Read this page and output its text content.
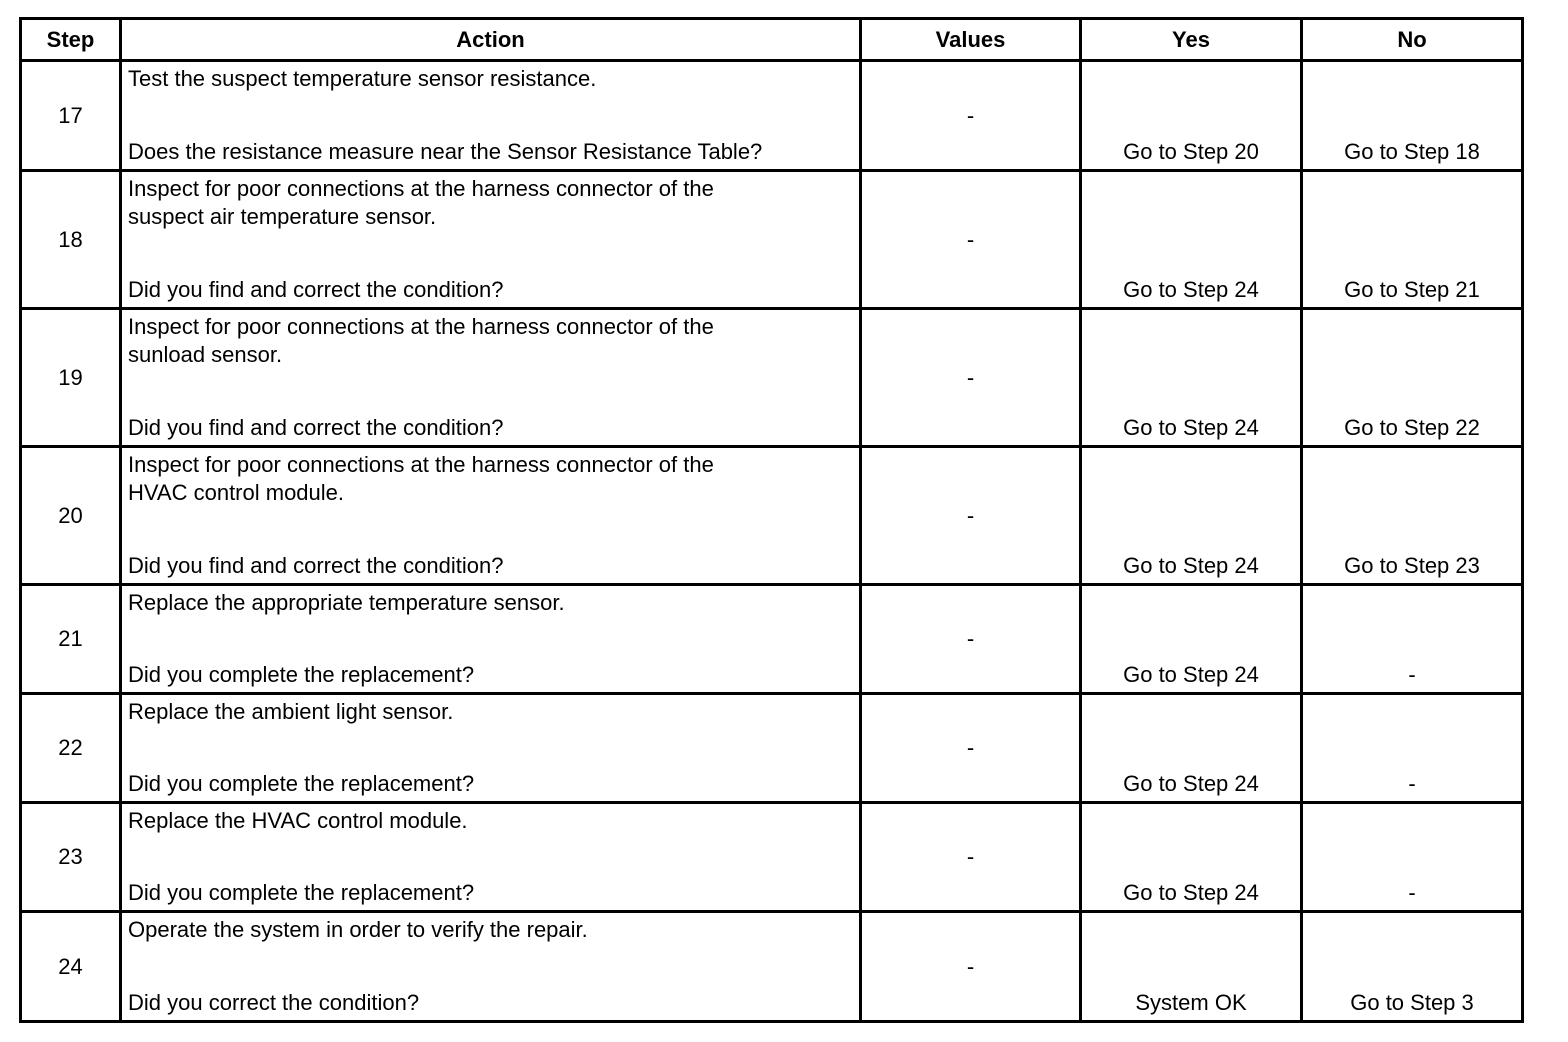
Step	Action	Values	Yes	No
17	Test the suspect temperature sensor resistance.
Does the resistance measure near the Sensor Resistance Table?	-	Go to Step 20	Go to Step 18

18	Inspect for poor connections at the harness connector of the
suspect air temperature sensor.
Did you find and correct the condition?	-	Go to Step 24	Go to Step 21

19	Inspect for poor connections at the harness connector of the
sunload sensor.
Did you find and correct the condition?	-	Go to Step 24	Go to Step 22

20	Inspect for poor connections at the harness connector of the
HVAC control module.
Did you find and correct the condition?	-	Go to Step 24	Go to Step 23

21	Replace the appropriate temperature sensor.
Did you complete the replacement?	-	Go to Step 24	-

22	Replace the ambient light sensor.
Did you complete the replacement?	-	Go to Step 24	-

23	Replace the HVAC control module.
Did you complete the replacement?	-	Go to Step 24	-

24	Operate the system in order to verify the repair.
Did you correct the condition?	-	System OK	Go to Step 3
